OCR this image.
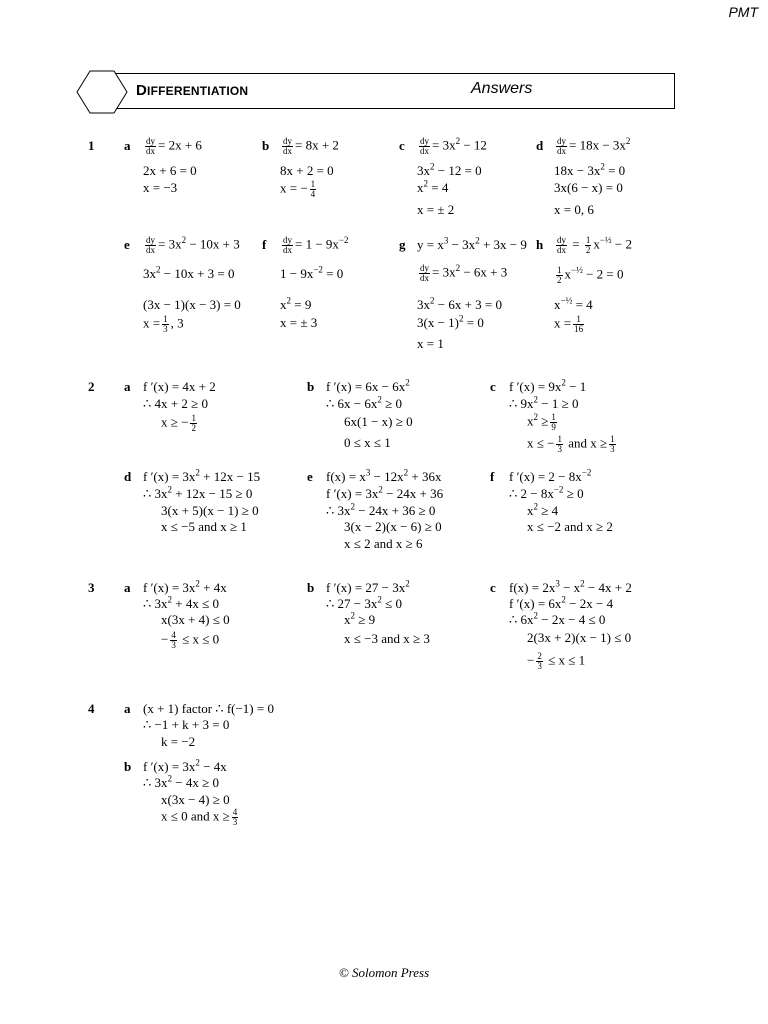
PMT
DIFFERENTIATION	Answers
1 a $\frac{dy}{dx} = 2x + 6$
2x + 6 = 0
x = −3
b $\frac{dy}{dx} = 8x + 2$
8x + 2 = 0
x = − $\frac{1}{4}$
c $\frac{dy}{dx} = 3x^2 - 12$
$3x^2 - 12 = 0$
$x^2 = 4$
x = ± 2
d $\frac{dy}{dx} = 18x - 3x^2$
$18x - 3x^2 = 0$
3x(6 − x) = 0
x = 0, 6
e $\frac{dy}{dx} = 3x^2 - 10x + 3$
$3x^2 - 10x + 3 = 0$
(3x − 1)(x − 3) = 0
$x = \frac{1}{3}$ , 3
f $\frac{dy}{dx} = 1 - 9x^{-2}$
$1 - 9x^{-2} = 0$
$x^2 = 9$
x = ± 3
g $y = x^3 - 3x^2 + 3x - 9$
$\frac{dy}{dx} = 3x^2 - 6x + 3$
$3x^2 - 6x + 3 = 0$
$3(x - 1)^2 = 0$
x = 1
h $\frac{dy}{dx} = \frac{1}{2} x^{-\frac{1}{2}} - 2$
$\frac{1}{2} x^{-\frac{1}{2}} - 2 = 0$
$x^{-\frac{1}{2}} = 4$
$x = \frac{1}{16}$
2 a f ′(x) = 4x + 2
∴ 4x + 2 ≥ 0
x ≥ − $\frac{1}{2}$
b f $'(x) = 6x - 6x^2$
∴ $6x - 6x^2 \ge 0$
6x(1 − x) ≥ 0
0 ≤ x ≤ 1
c f $'(x) = 9x^2 - 1$
∴ $9x^2 - 1 \ge 0$
$x^2 \ge \frac{1}{9}$
x ≤ − $\frac{1}{3}$ and $x \ge \frac{1}{3}$
d f $'(x) = 3x^2 + 12x - 15$
∴ $3x^2 + 12x - 15 \ge 0$
3(x + 5)(x − 1) ≥ 0
x ≤ −5 and x ≥ 1
e $f(x) = x^3 - 12x^2 + 36x$
f $'(x) = 3x^2 - 24x + 36$
∴ $3x^2 - 24x + 36 \ge 0$
3(x − 2)(x − 6) ≥ 0
x ≤ 2 and x ≥ 6
f f $'(x) = 2 - 8x^{-2}$
∴ $2 - 8x^{-2} \ge 0$
$x^2 \ge 4$
x ≤ −2 and x ≥ 2
3 a f $'(x) = 3x^2 + 4x$
∴ $3x^2 + 4x \le 0$
x(3x + 4) ≤ 0
− $\frac{4}{3} \le x \le 0$
b f $'(x) = 27 - 3x^2$
∴ $27 - 3x^2 \le 0$
$x^2 \ge 9$
x ≤ −3 and x ≥ 3
c $f(x) = 2x^3 - x^2 - 4x + 2$
f $'(x) = 6x^2 - 2x - 4$
∴ $6x^2 - 2x - 4 \le 0$
2(3x + 2)(x − 1) ≤ 0
− $\frac{2}{3} \le x \le 1$
4 a (x + 1) factor ∴ f(−1) = 0
∴ −1 + k + 3 = 0
k = −2
b f $'(x) = 3x^2 - 4x$
∴ $3x^2 - 4x \ge 0$
x(3x − 4) ≥ 0
x ≤ 0 and $x \ge \frac{4}{3}$
© Solomon Press
